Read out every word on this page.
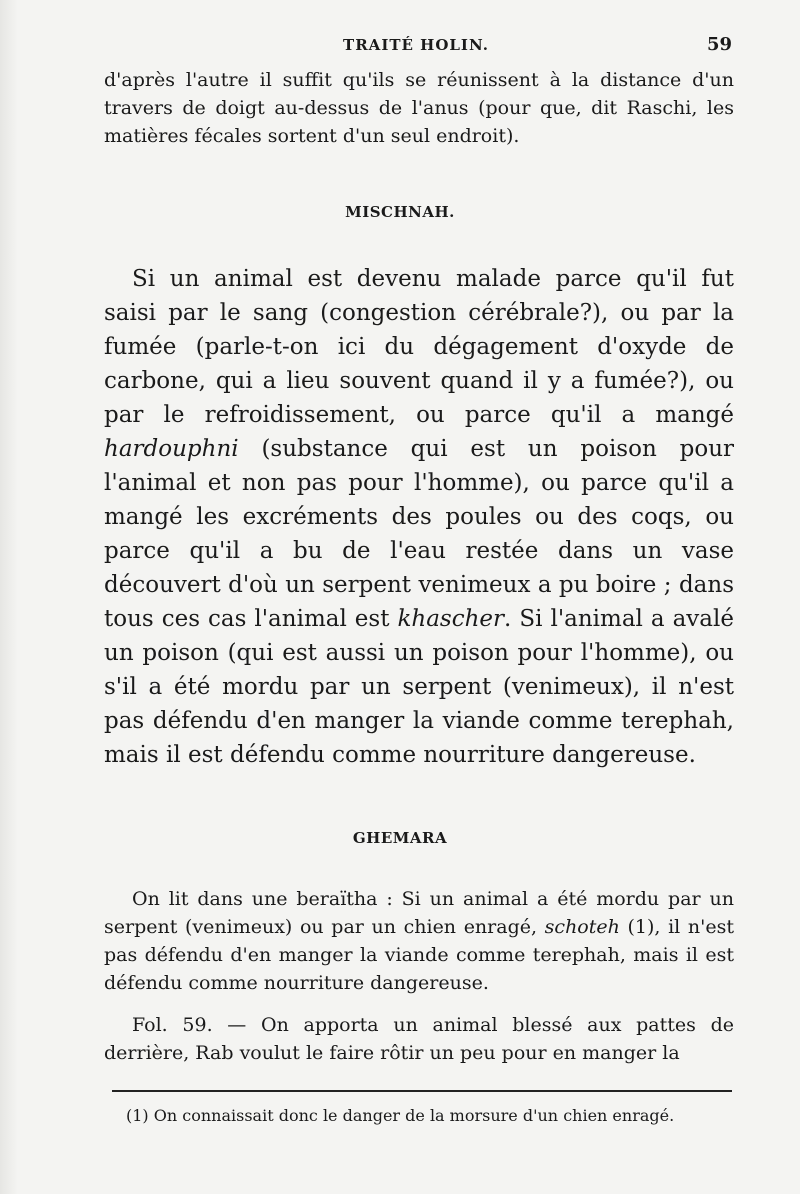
TRAITÉ HOLIN.	59

d'après l'autre il suffit qu'ils se réunissent à la distance d'un travers de doigt au-dessus de l'anus (pour que, dit Raschi, les matières fécales sortent d'un seul endroit).

MISCHNAH.

Si un animal est devenu malade parce qu'il fut saisi par le sang (congestion cérébrale?), ou par la fumée (parle-t-on ici du dégagement d'oxyde de carbone, qui a lieu souvent quand il y a fumée?), ou par le refroidissement, ou parce qu'il a mangé hardouphni (substance qui est un poison pour l'animal et non pas pour l'homme), ou parce qu'il a mangé les excréments des poules ou des coqs, ou parce qu'il a bu de l'eau restée dans un vase découvert d'où un serpent venimeux a pu boire ; dans tous ces cas l'animal est khascher. Si l'animal a avalé un poison (qui est aussi un poison pour l'homme), ou s'il a été mordu par un serpent (venimeux), il n'est pas défendu d'en manger la viande comme terephah, mais il est défendu comme nourriture dangereuse.

GHEMARA

On lit dans une beraïtha : Si un animal a été mordu par un serpent (venimeux) ou par un chien enragé, schoteh (1), il n'est pas défendu d'en manger la viande comme terephah, mais il est défendu comme nourriture dangereuse.

Fol. 59. — On apporta un animal blessé aux pattes de derrière, Rab voulut le faire rôtir un peu pour en manger la

(1) On connaissait donc le danger de la morsure d'un chien enragé.
